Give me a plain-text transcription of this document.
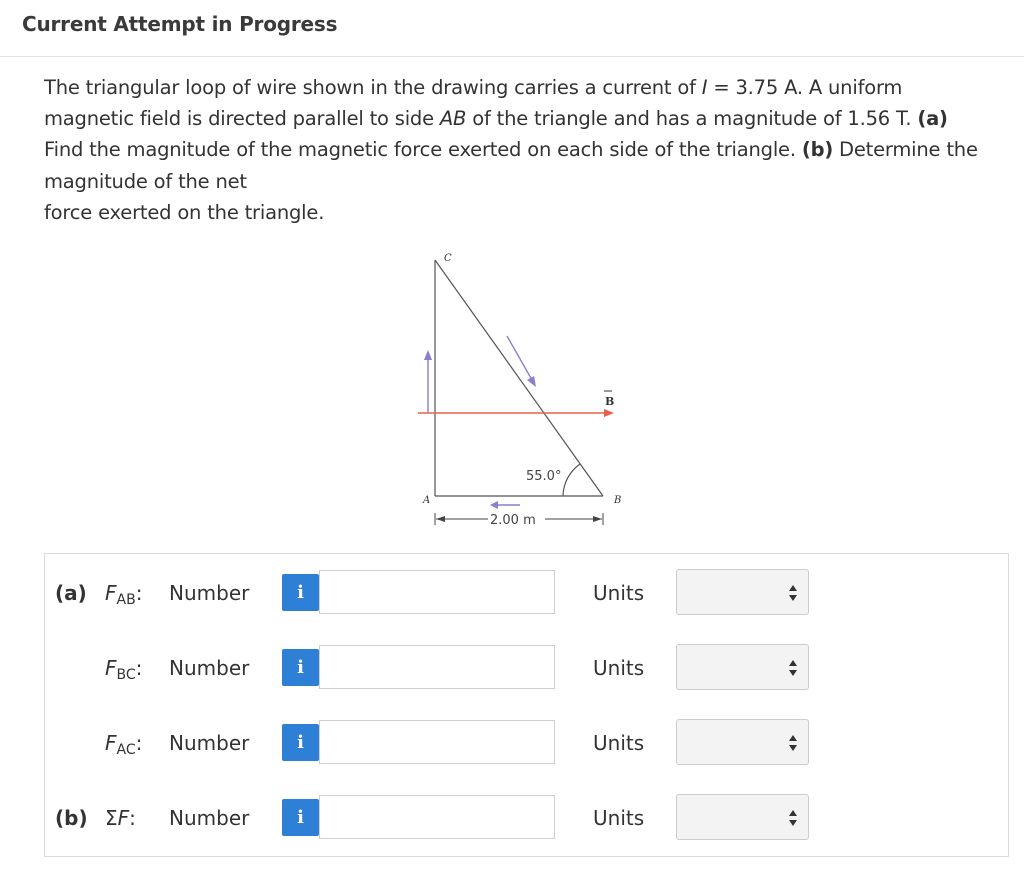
Current Attempt in Progress
The triangular loop of wire shown in the drawing carries a current of I = 3.75 A. A uniform magnetic field is directed parallel to side AB of the triangle and has a magnitude of 1.56 T. (a) Find the magnitude of the magnetic force exerted on each side of the triangle. (b) Determine the magnitude of the net
force exerted on the triangle.
B
55.0°
C
A	B
2.00 m
(a) $F_{AB}$: Number	i	Units
$F_{BC}$: Number	i	Units
$F_{AC}$: Number	i	Units
(b) ΣF: Number	i	Units
